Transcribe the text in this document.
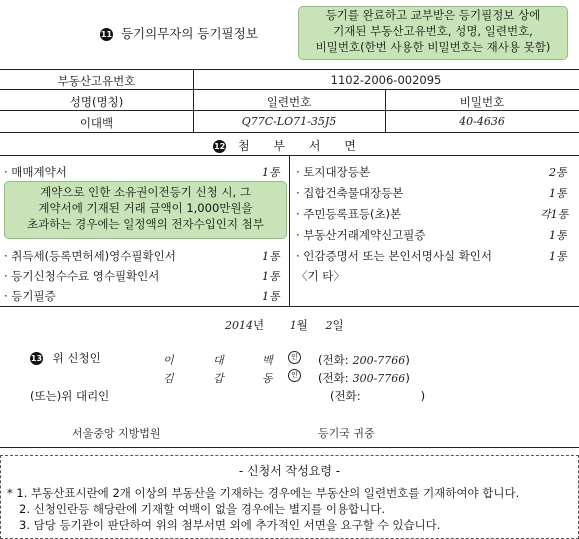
11 등기의무자의 등기필정보
등기를 완료하고 교부받은 등기필정보 상에
기재된 부동산고유번호, 성명, 일련번호,
비밀번호(한번 사용한 비밀번호는 재사용 못함)
부동산고유번호	1102-2006-002095
성명(명칭)	일련번호	비밀번호
이대백	Q77C-LO71-35J5	40-4636
12 첨 부 서 면
· 매매계약서	1통
계약으로 인한 소유권이전등기 신청 시, 그
계약서에 기재된 거래 금액이 1,000만원을
초과하는 경우에는 일정액의 전자수입인지 첨부
· 취득세(등록면허세)영수필확인서	1통
· 등기신청수수료 영수필확인서	1통
· 등기필증	1통
· 토지대장등본	2통
· 집합건축물대장등본	1통
· 주민등록표등(초)본	각1통
· 부동산거래계약신고필증	1통
· 인감증명서 또는 본인서명사실 확인서	1통
〈기 타〉
2014년 1월 2일
13 위 신청인	이	대	백	인 (전화: 200-7766)
김	갑	동	인 (전화: 300-7766)
(또는)위 대리인	(전화:	)
서울중앙 지방법원	등기국 귀중
- 신청서 작성요령 -
* 1. 부동산표시란에 2개 이상의 부동산을 기재하는 경우에는 부동산의 일련번호를 기재하여야 합니다.
2. 신청인란등 해당란에 기재할 여백이 없을 경우에는 별지를 이용합니다.
3. 담당 등기관이 판단하여 위의 첨부서면 외에 추가적인 서면을 요구할 수 있습니다.
